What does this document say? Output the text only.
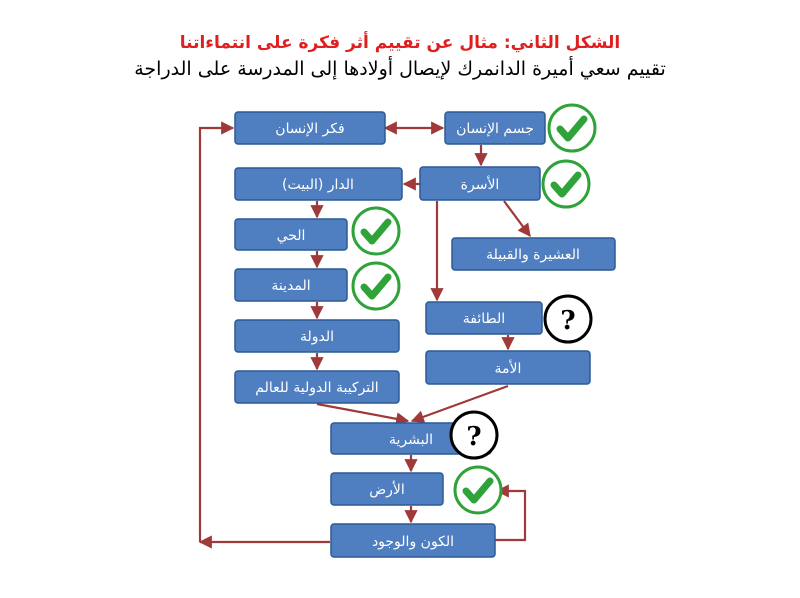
الشكل الثاني: مثال عن تقييم أثر فكرة على انتماءاتنا
تقييم سعي أميرة الدانمرك لإيصال أولادها إلى المدرسة على الدراجة
فكر الإنسان	جسم الإنسان
الدار (البيت)	الأسرة
الحي
العشيرة والقبيلة
المدينة
الطائفة
الدولة
الأمة
التركيبة الدولية للعالم
البشرية
الأرض
الكون والوجود
?
?
